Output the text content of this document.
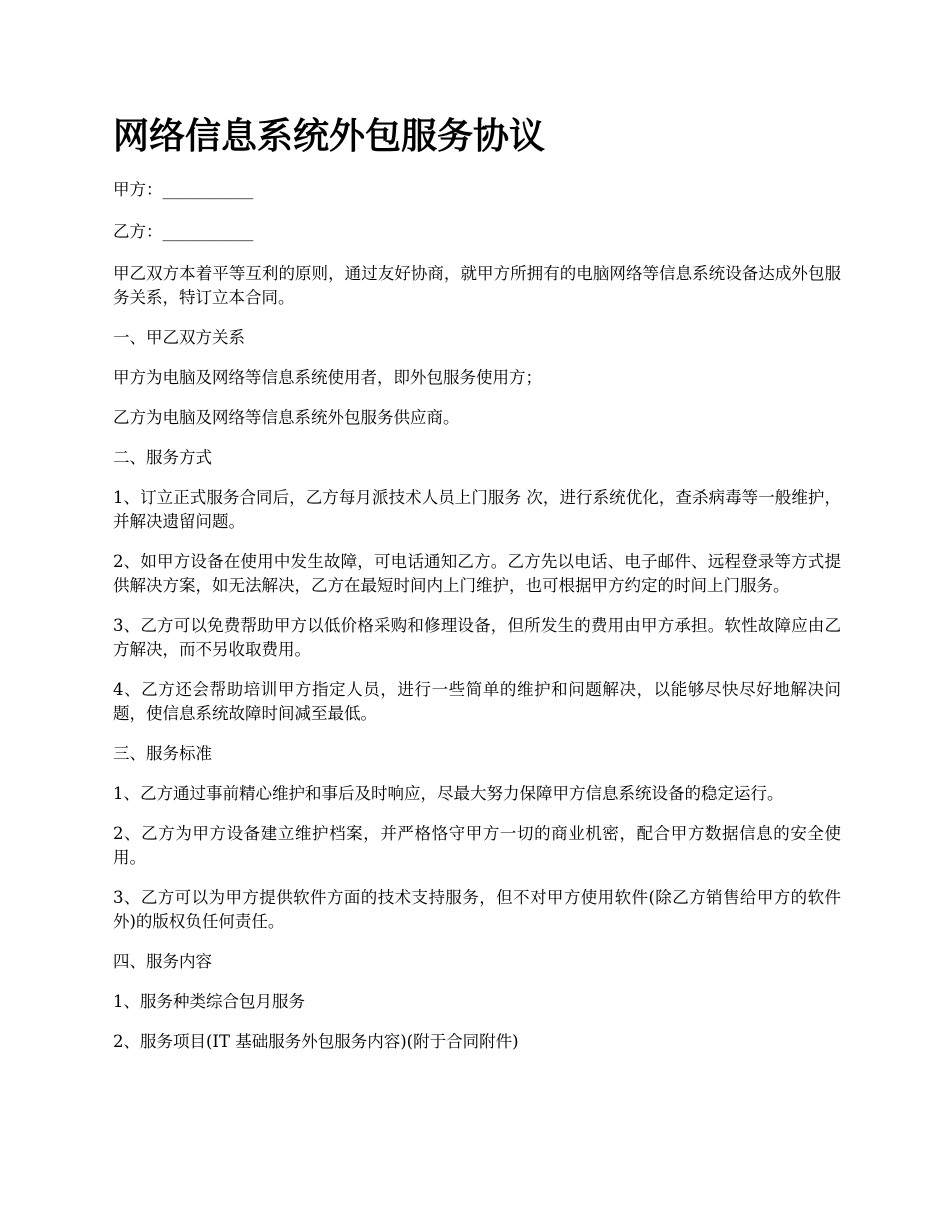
网络信息系统外包服务协议
甲方：___________
乙方：___________
甲乙双方本着平等互利的原则，通过友好协商，就甲方所拥有的电脑网络等信息系统设备达成外包服务关系，特订立本合同。
一、甲乙双方关系
甲方为电脑及网络等信息系统使用者，即外包服务使用方；
乙方为电脑及网络等信息系统外包服务供应商。
二、服务方式
1、订立正式服务合同后，乙方每月派技术人员上门服务 次，进行系统优化，查杀病毒等一般维护，并解决遗留问题。
2、如甲方设备在使用中发生故障，可电话通知乙方。乙方先以电话、电子邮件、远程登录等方式提供解决方案，如无法解决，乙方在最短时间内上门维护，也可根据甲方约定的时间上门服务。
3、乙方可以免费帮助甲方以低价格采购和修理设备，但所发生的费用由甲方承担。软性故障应由乙方解决，而不另收取费用。
4、乙方还会帮助培训甲方指定人员，进行一些简单的维护和问题解决，以能够尽快尽好地解决问题，使信息系统故障时间减至最低。
三、服务标准
1、乙方通过事前精心维护和事后及时响应，尽最大努力保障甲方信息系统设备的稳定运行。
2、乙方为甲方设备建立维护档案，并严格恪守甲方一切的商业机密，配合甲方数据信息的安全使用。
3、乙方可以为甲方提供软件方面的技术支持服务，但不对甲方使用软件(除乙方销售给甲方的软件外)的版权负任何责任。
四、服务内容
1、服务种类综合包月服务
2、服务项目(IT 基础服务外包服务内容)(附于合同附件)
